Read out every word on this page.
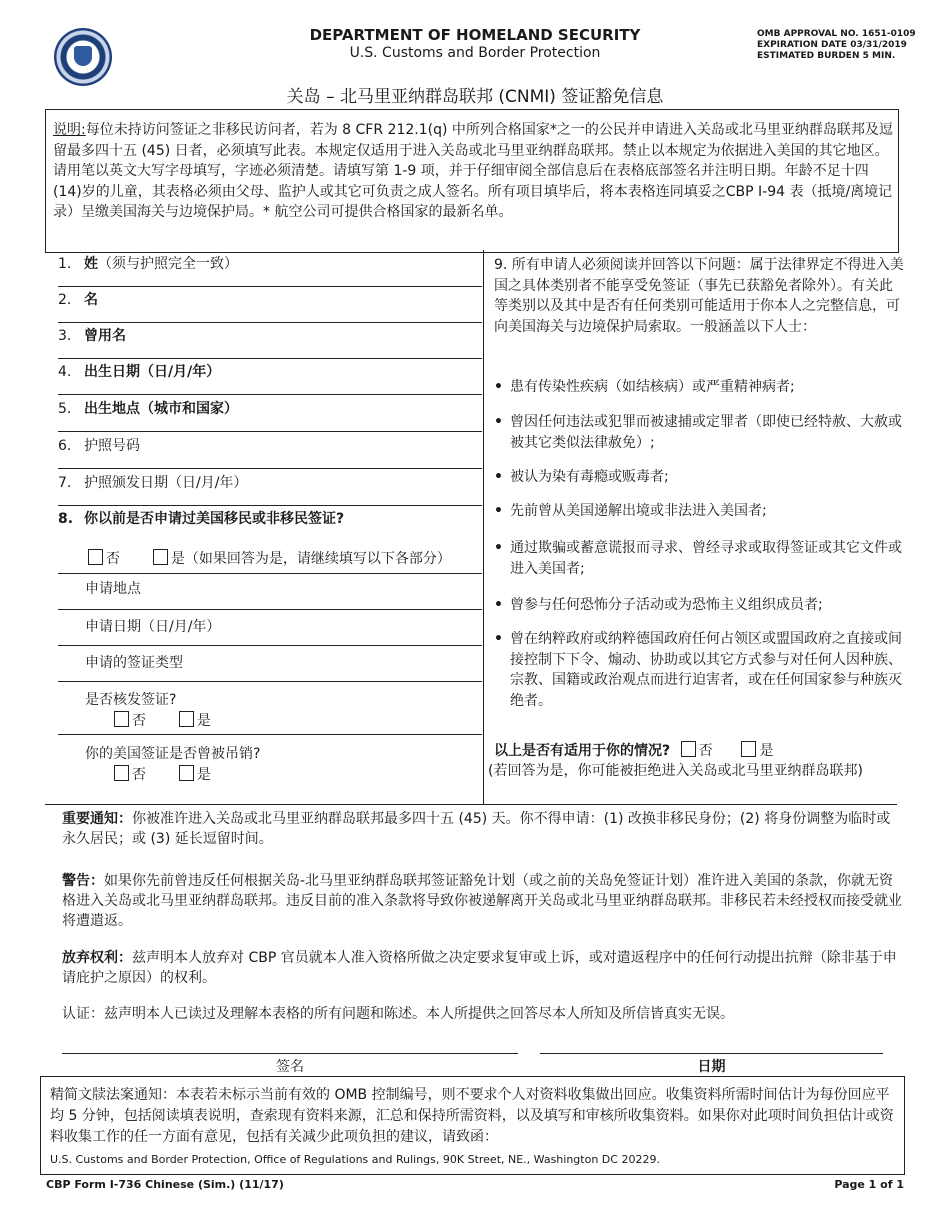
DEPARTMENT OF HOMELAND SECURITY
U.S. Customs and Border Protection
OMB APPROVAL NO. 1651-0109
EXPIRATION DATE 03/31/2019
ESTIMATED BURDEN 5 MIN.
关岛 – 北马里亚纳群岛联邦 (CNMI) 签证豁免信息
说明:每位未持访问签证之非移民访问者，若为 8 CFR 212.1(q) 中所列合格国家*之一的公民并申请进入关岛或北马里亚纳群岛联邦及逗留最多四十五 (45) 日者，必须填写此表。本规定仅适用于进入关岛或北马里亚纳群岛联邦。禁止以本规定为依据进入美国的其它地区。请用笔以英文大写字母填写，字迹必须清楚。请填写第 1-9 项，并于仔细审阅全部信息后在表格底部签名并注明日期。年龄不足十四(14)岁的儿童，其表格必须由父母、监护人或其它可负责之成人签名。所有项目填毕后，将本表格连同填妥之CBP I-94 表（抵境/离境记录）呈缴美国海关与边境保护局。* 航空公司可提供合格国家的最新名单。
1. 姓（须与护照完全一致）
2. 名
3. 曾用名
4. 出生日期（日/月/年）
5. 出生地点（城市和国家）
6. 护照号码
7. 护照颁发日期（日/月/年）
8. 你以前是否申请过美国移民或非移民签证?
否	是（如果回答为是，请继续填写以下各部分）
申请地点
申请日期（日/月/年）
申请的签证类型
是否核发签证?
否	是
你的美国签证是否曾被吊销?
否	是
9. 所有申请人必须阅读并回答以下问题：属于法律界定不得进入美国之具体类别者不能享受免签证（事先已获豁免者除外）。有关此等类别以及其中是否有任何类别可能适用于你本人之完整信息，可向美国海关与边境保护局索取。一般涵盖以下人士：
• 患有传染性疾病（如结核病）或严重精神病者;
• 曾因任何违法或犯罪而被逮捕或定罪者（即使已经特赦、大赦或被其它类似法律赦免）;
• 被认为染有毒瘾或贩毒者;
• 先前曾从美国递解出境或非法进入美国者;
• 通过欺骗或蓄意谎报而寻求、曾经寻求或取得签证或其它文件或进入美国者;
• 曾参与任何恐怖分子活动或为恐怖主义组织成员者;
• 曾在纳粹政府或纳粹德国政府任何占领区或盟国政府之直接或间接控制下下令、煽动、协助或以其它方式参与对任何人因种族、宗教、国籍或政治观点而进行迫害者，或在任何国家参与种族灭绝者。
以上是否有适用于你的情况? 否	是
(若回答为是，你可能被拒绝进入关岛或北马里亚纳群岛联邦)
重要通知：你被准许进入关岛或北马里亚纳群岛联邦最多四十五 (45) 天。你不得申请：(1) 改换非移民身份；(2) 将身份调整为临时或永久居民；或 (3) 延长逗留时间。
警告：如果你先前曾违反任何根据关岛-北马里亚纳群岛联邦签证豁免计划（或之前的关岛免签证计划）准许进入美国的条款，你就无资格进入关岛或北马里亚纳群岛联邦。违反目前的准入条款将导致你被递解离开关岛或北马里亚纳群岛联邦。非移民若未经授权而接受就业将遭遣返。
放弃权利：兹声明本人放弃对 CBP 官员就本人准入资格所做之决定要求复审或上诉，或对遣返程序中的任何行动提出抗辩（除非基于申请庇护之原因）的权利。
认证：兹声明本人已读过及理解本表格的所有问题和陈述。本人所提供之回答尽本人所知及所信皆真实无误。
签名	日期
精简文牍法案通知：本表若未标示当前有效的 OMB 控制编号，则不要求个人对资料收集做出回应。收集资料所需时间估计为每份回应平均 5 分钟，包括阅读填表说明，查索现有资料来源，汇总和保持所需资料，以及填写和审核所收集资料。如果你对此项时间负担估计或资料收集工作的任一方面有意见，包括有关减少此项负担的建议，请致函：
U.S. Customs and Border Protection, Office of Regulations and Rulings, 90K Street, NE., Washington DC 20229.
CBP Form I-736 Chinese (Sim.) (11/17)	Page 1 of 1
